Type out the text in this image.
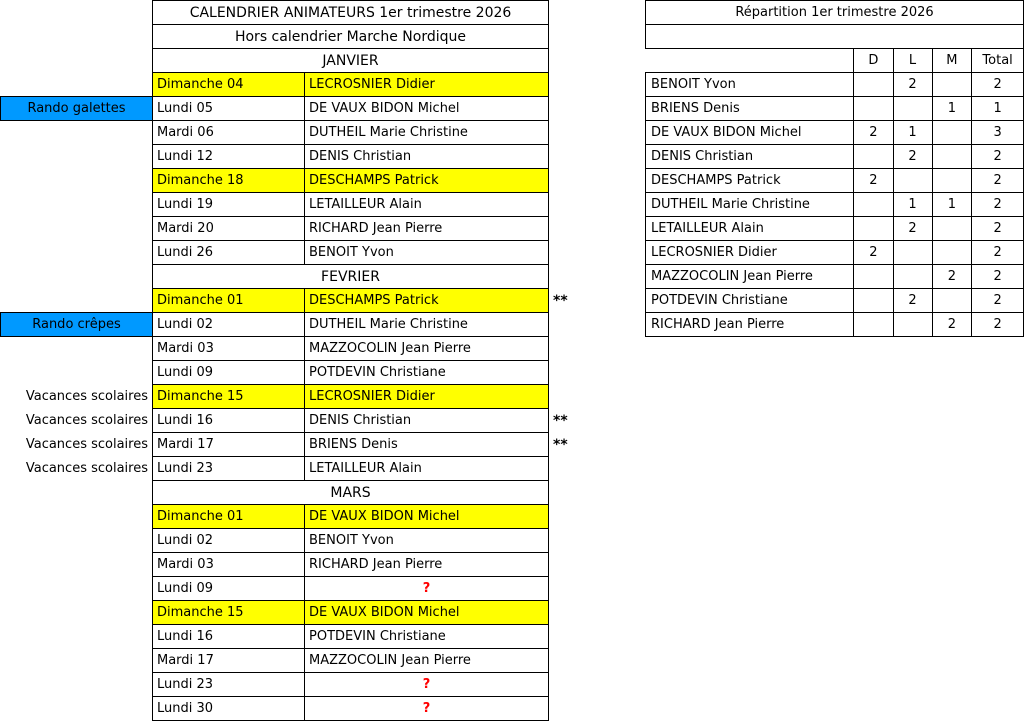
	CALENDRIER ANIMATEURS 1er trimestre 2026		
	Hors calendrier Marche Nordique		
	JANVIER		
	Dimanche 04	LECROSNIER Didier	
Rando galettes	Lundi 05	DE VAUX BIDON Michel	
	Mardi 06	DUTHEIL Marie Christine	
	Lundi 12	DENIS Christian	
	Dimanche 18	DESCHAMPS Patrick	
	Lundi 19	LETAILLEUR Alain	
	Mardi 20	RICHARD Jean Pierre	
	Lundi 26	BENOIT Yvon	
	FEVRIER		
	Dimanche 01	DESCHAMPS Patrick	**
Rando crêpes	Lundi 02	DUTHEIL Marie Christine	
	Mardi 03	MAZZOCOLIN Jean Pierre	
	Lundi 09	POTDEVIN Christiane	
Vacances scolaires	Dimanche 15	LECROSNIER Didier	
Vacances scolaires	Lundi 16	DENIS Christian	**
Vacances scolaires	Mardi 17	BRIENS Denis	**
Vacances scolaires	Lundi 23	LETAILLEUR Alain	
	MARS		
	Dimanche 01	DE VAUX BIDON Michel	
	Lundi 02	BENOIT Yvon	
	Mardi 03	RICHARD Jean Pierre	
	Lundi 09	?	
	Dimanche 15	DE VAUX BIDON Michel	
	Lundi 16	POTDEVIN Christiane	
	Mardi 17	MAZZOCOLIN Jean Pierre	
	Lundi 23	?	
	Lundi 30	?	
Répartition 1er trimestre 2026				

	D	L	M	Total
BENOIT Yvon		2		2
BRIENS Denis			1	1
DE VAUX BIDON Michel	2	1		3
DENIS Christian		2		2
DESCHAMPS Patrick	2			2
DUTHEIL Marie Christine		1	1	2
LETAILLEUR Alain		2		2
LECROSNIER Didier	2			2
MAZZOCOLIN Jean Pierre			2	2
POTDEVIN Christiane		2		2
RICHARD Jean Pierre			2	2
